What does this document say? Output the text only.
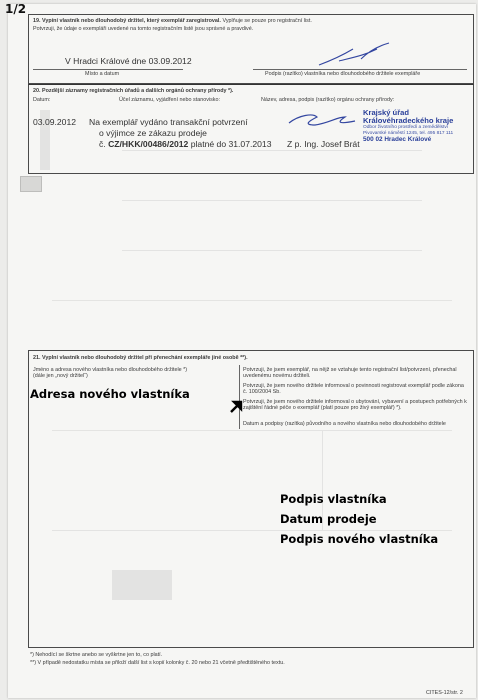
1/2
19. Vypíní vlastník nebo dlouhodobý držitel, který exemplář zaregistroval. Vyplňuje se pouze pro registrační list.
Potvrzuji, že údaje o exempláři uvedené na tomto registračním listě jsou správné a pravdivé.
V Hradci Králové dne 03.09.2012
Místo a datum	Podpis (razítko) vlastníka nebo dlouhodobého držitele exempláře
20. Pozdější záznamy registračních úřadů a dalších orgánů ochrany přírody *).
Datum:	Účel záznamu, vyjádření nebo stanovisko:	Název, adresa, podpis (razítko) orgánu ochrany přírody:
03.09.2012 Na exemplář vydáno transakční potvrzení
o výjimce ze zákazu prodeje
č. CZ/HKK/00486/2012 platné do 31.07.2013 Z p. Ing. Josef Brát
Krajský úřad
Královéhradeckého kraje
Odbor životního prostředí a zemědělství
Pivovarské náměstí 1245, tel. 495 817 111
500 02 Hradec Králové
21. Vyplní vlastník nebo dlouhodobý držitel při přenechání exempláře jiné osobě **).
Jméno a adresa nového vlastníka nebo dlouhodobého držitele *)
(dále jen „nový držitel“)
Potvrzuji, že jsem exemplář, na nějž se vztahuje tento registrační list/potvrzení, přenechal uvedenému novému držiteli.
Potvrzuji, že jsem nového držitele informoval o povinnosti registrovat exemplář podle zákona č. 100/2004 Sb.
Potvrzuji, že jsem nového držitele informoval o ubytování, vybavení a postupech potřebných k zajištění řádné péče o exemplář (platí pouze pro živý exemplář) *).
Datum a podpisy (razítka) původního a nového vlastníka nebo dlouhodobého držitele
Adresa nového vlastníka
Podpis vlastníka
Datum prodeje
Podpis nového vlastníka
*) Nehodící se škrtne anebo se vyškrtne jen to, co platí.
**) V případě nedostatku místa se přiloží další list s kopií kolonky č. 20 nebo 21 včetně předtištěného textu.
CITES-12/str. 2
